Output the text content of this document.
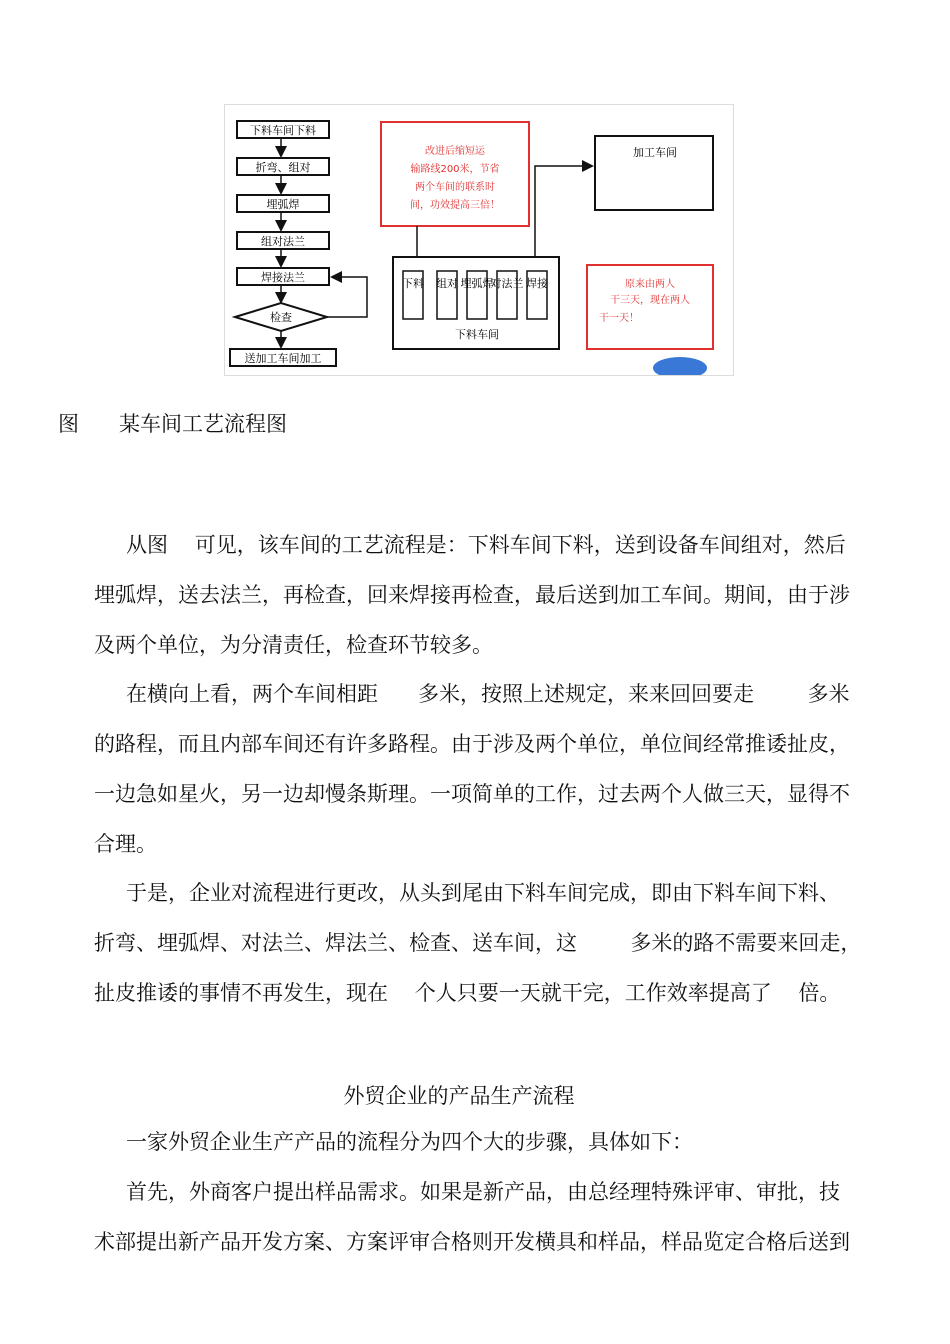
下料车间下料
折弯、组对
埋弧焊
组对法兰
焊接法兰
检查
送加工车间加工
改进后缩短运
输路线200米，节省
两个车间的联系时
间，功效提高三倍！
加工车间
下料 组对 埋弧焊
对法兰 焊接
下料车间
原来由两人
干三天，现在两人
干一天！
图      某车间工艺流程图
从图    可见，该车间的工艺流程是：下料车间下料，送到设备车间组对，然后
埋弧焊，送去法兰，再检查，回来焊接再检查，最后送到加工车间。期间，由于涉
及两个单位，为分清责任，检查环节较多。
在横向上看，两个车间相距      多米，按照上述规定，来来回回要走        多米
的路程，而且内部车间还有许多路程。由于涉及两个单位，单位间经常推诿扯皮，
一边急如星火，另一边却慢条斯理。一项简单的工作，过去两个人做三天，显得不
合理。
于是，企业对流程进行更改，从头到尾由下料车间完成，即由下料车间下料、
折弯、埋弧焊、对法兰、焊法兰、检查、送车间，这        多米的路不需要来回走，
扯皮推诿的事情不再发生，现在    个人只要一天就干完，工作效率提高了    倍。
外贸企业的产品生产流程
一家外贸企业生产产品的流程分为四个大的步骤，具体如下：
首先，外商客户提出样品需求。如果是新产品，由总经理特殊评审、审批，技
术部提出新产品开发方案、方案评审合格则开发横具和样品，样品览定合格后送到
